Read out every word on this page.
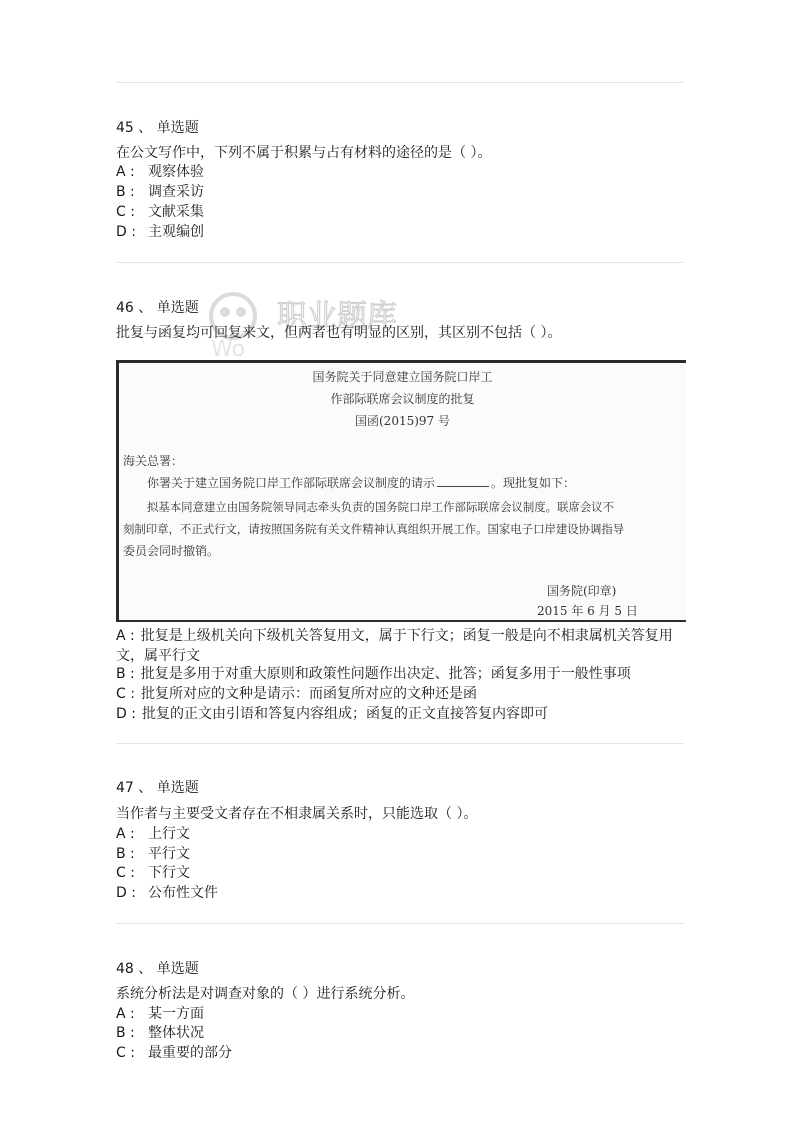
45 、 单选题
在公文写作中，下列不属于积累与占有材料的途径的是（ ）。
A : 观察体验
B : 调查采访
C : 文献采集
D : 主观编创
职业题库
Wo
46 、 单选题
批复与函复均可回复来文，但两者也有明显的区别，其区别不包括（ ）。
国务院关于同意建立国务院口岸工
作部际联席会议制度的批复
国函(2015)97 号
海关总署：
你署关于建立国务院口岸工作部际联席会议制度的请示	。现批复如下：
拟基本同意建立由国务院领导同志牵头负责的国务院口岸工作部际联席会议制度。联席会议不
刻制印章，不正式行文，请按照国务院有关文件精神认真组织开展工作。国家电子口岸建设协调指导
委员会同时撤销。
国务院(印章)
2015 年 6 月 5 日
A : 批复是上级机关向下级机关答复用文，属于下行文；函复一般是向不相隶属机关答复用文，属平行文
B : 批复是多用于对重大原则和政策性问题作出决定、批答；函复多用于一般性事项
C : 批复所对应的文种是请示：而函复所对应的文种还是函
D : 批复的正文由引语和答复内容组成；函复的正文直接答复内容即可
47 、 单选题
当作者与主要受文者存在不相隶属关系时，只能选取（ ）。
A : 上行文
B : 平行文
C : 下行文
D : 公布性文件
48 、 单选题
系统分析法是对调查对象的（ ）进行系统分析。
A : 某一方面
B : 整体状况
C : 最重要的部分
